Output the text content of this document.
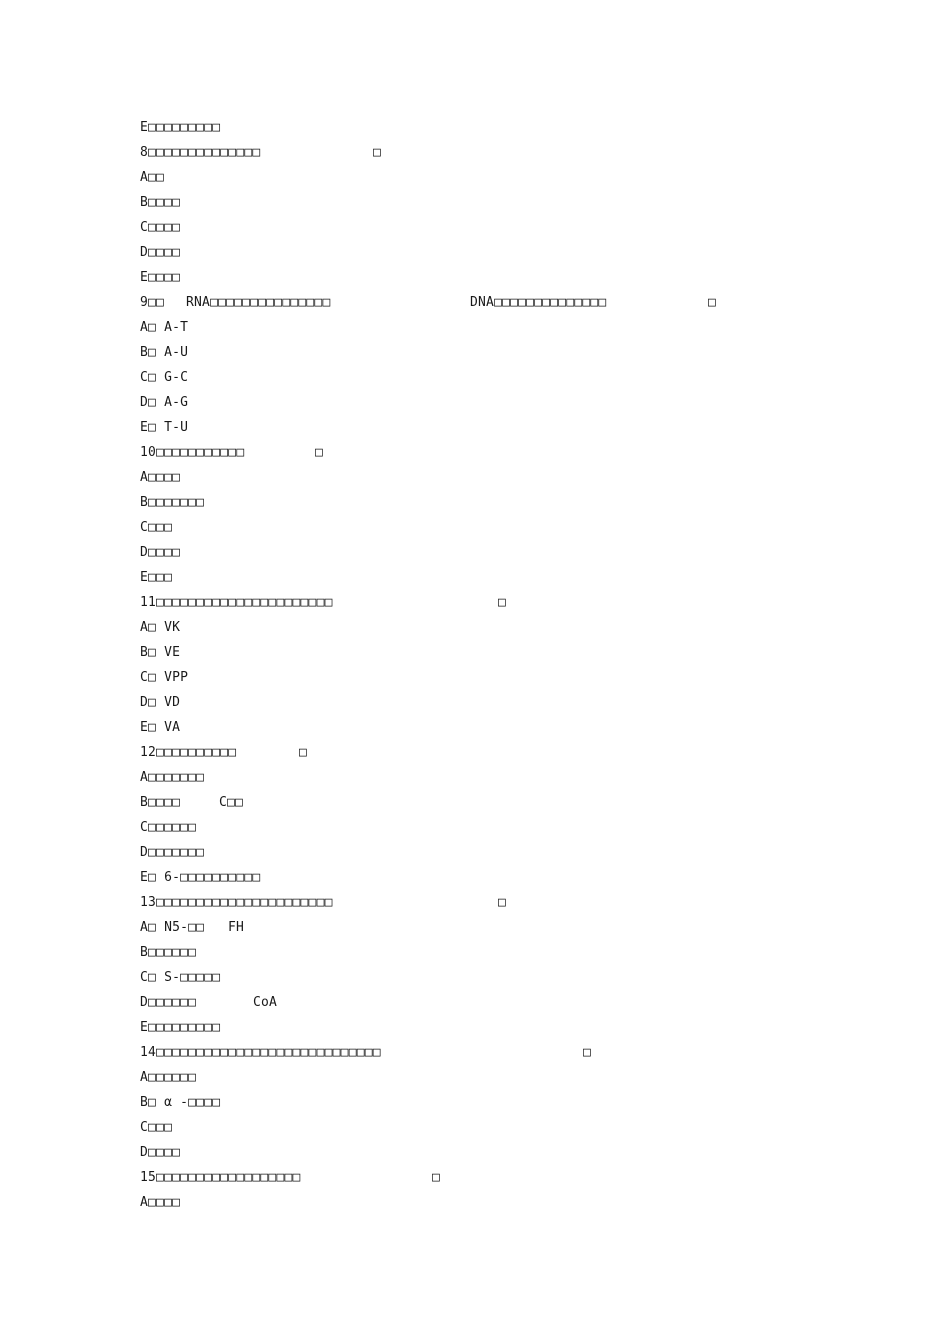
E□□□□□□□□□

8□□□□□□□□□□□□□□

	□

A□□

B□□□□

C□□□□

D□□□□

E□□□□

9□□

RNA□□□□□□□□□□□□□□□

	DNA□□□□□□□□□□□□□□

	□

A□ A-T

B□ A-U

C□ G-C

D□ A-G

E□ T-U

10□□□□□□□□□□□

	□

A□□□□

B□□□□□□□

C□□□

D□□□□

E□□□

11□□□□□□□□□□□□□□□□□□□□□□

	□

A□ VK

B□ VE

C□ VPP

D□ VD

E□ VA

12□□□□□□□□□□

	□

A□□□□□□□

B□□□□

	C□□

C□□□□□□

D□□□□□□□

E□ 6-□□□□□□□□□□

13□□□□□□□□□□□□□□□□□□□□□□

	□

A□ N5-□□

FH

B□□□□□□

C□ S-□□□□□

D□□□□□□

	CoA

E□□□□□□□□□

14□□□□□□□□□□□□□□□□□□□□□□□□□□□□

	□

A□□□□□□

B□ α -□□□□

C□□□

D□□□□

15□□□□□□□□□□□□□□□□□□

	□

A□□□□
